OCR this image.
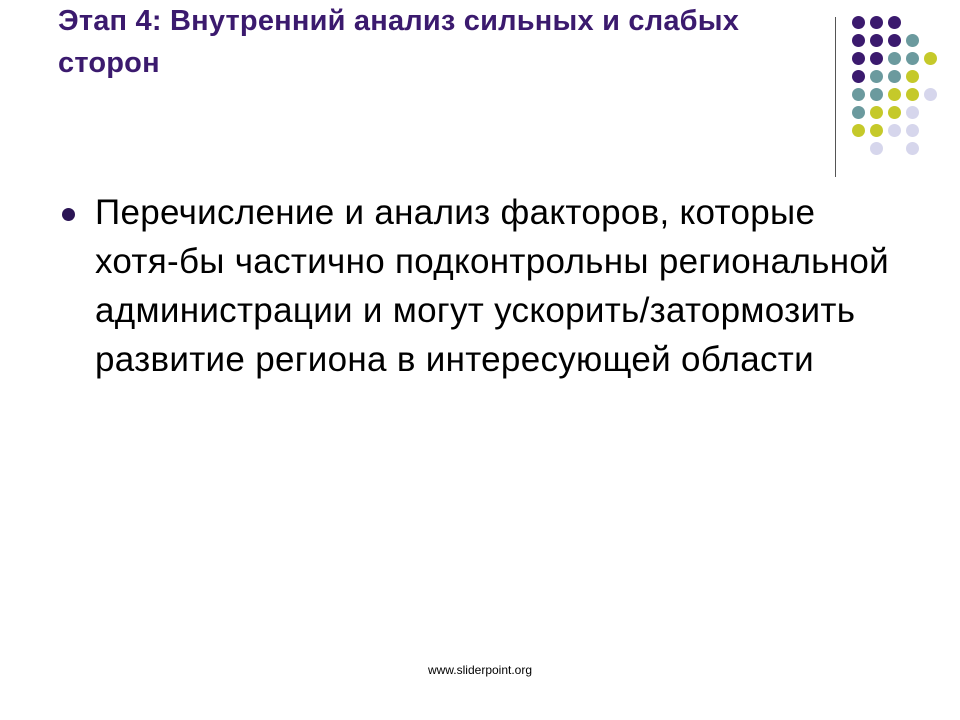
Этап 4: Внутренний анализ сильных и слабых сторон
Перечисление и анализ факторов, которые хотя-бы частично подконтрольны региональной администрации и могут ускорить/затормозить развитие региона в интересующей области
www.sliderpoint.org
